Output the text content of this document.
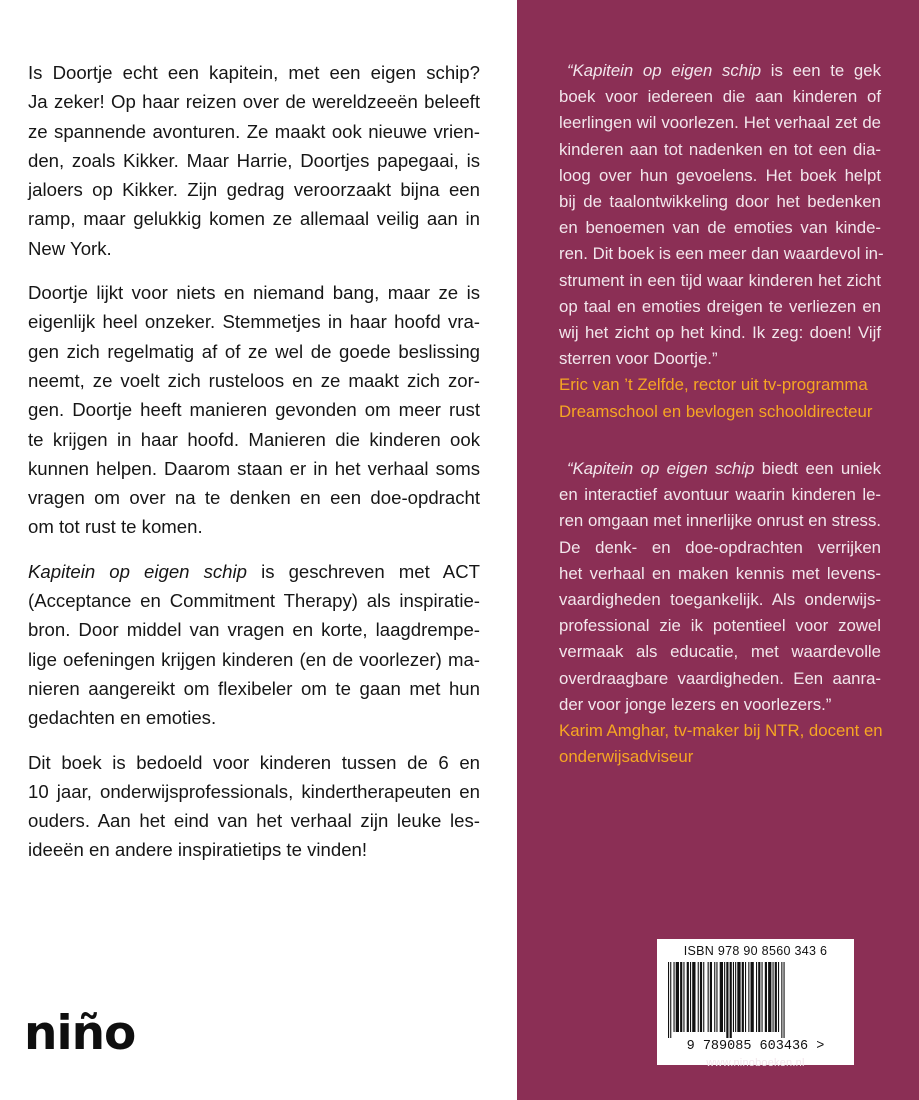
Is Doortje echt een kapitein, met een eigen schip?
Ja zeker! Op haar reizen over de wereldzeeën beleeft
ze spannende avonturen. Ze maakt ook nieuwe vrien-
den, zoals Kikker. Maar Harrie, Doortjes papegaai, is
jaloers op Kikker. Zijn gedrag veroorzaakt bijna een
ramp, maar gelukkig komen ze allemaal veilig aan in
New York.

Doortje lijkt voor niets en niemand bang, maar ze is
eigenlijk heel onzeker. Stemmetjes in haar hoofd vra-
gen zich regelmatig af of ze wel de goede beslissing
neemt, ze voelt zich rusteloos en ze maakt zich zor-
gen. Doortje heeft manieren gevonden om meer rust
te krijgen in haar hoofd. Manieren die kinderen ook
kunnen helpen. Daarom staan er in het verhaal soms
vragen om over na te denken en een doe-opdracht
om tot rust te komen.

Kapitein op eigen schip is geschreven met ACT
(Acceptance en Commitment Therapy) als inspiratie-
bron. Door middel van vragen en korte, laagdrempe-
lige oefeningen krijgen kinderen (en de voorlezer) ma-
nieren aangereikt om flexibeler om te gaan met hun
gedachten en emoties.

Dit boek is bedoeld voor kinderen tussen de 6 en
10 jaar, onderwijsprofessionals, kindertherapeuten en
ouders. Aan het eind van het verhaal zijn leuke les-
ideeën en andere inspiratietips te vinden!

niño
“Kapitein op eigen schip is een te gek
boek voor iedereen die aan kinderen of
leerlingen wil voorlezen. Het verhaal zet de
kinderen aan tot nadenken en tot een dia-
loog over hun gevoelens. Het boek helpt
bij de taalontwikkeling door het bedenken
en benoemen van de emoties van kinde-
ren. Dit boek is een meer dan waardevol in-
strument in een tijd waar kinderen het zicht
op taal en emoties dreigen te verliezen en
wij het zicht op het kind. Ik zeg: doen! Vijf
sterren voor Doortje.”
Eric van ’t Zelfde, rector uit tv-programma
Dreamschool en bevlogen schooldirecteur
“Kapitein op eigen schip biedt een uniek
en interactief avontuur waarin kinderen le-
ren omgaan met innerlijke onrust en stress.
De denk- en doe-opdrachten verrijken
het verhaal en maken kennis met levens-
vaardigheden toegankelijk. Als onderwijs-
professional zie ik potentieel voor zowel
vermaak als educatie, met waardevolle
overdraagbare vaardigheden. Een aanra-
der voor jonge lezers en voorlezers.”
Karim Amghar, tv-maker bij NTR, docent en
onderwijsadviseur
ISBN 978 90 8560 343 6
9 789085 603436 >
www.ninoboeken.nl
